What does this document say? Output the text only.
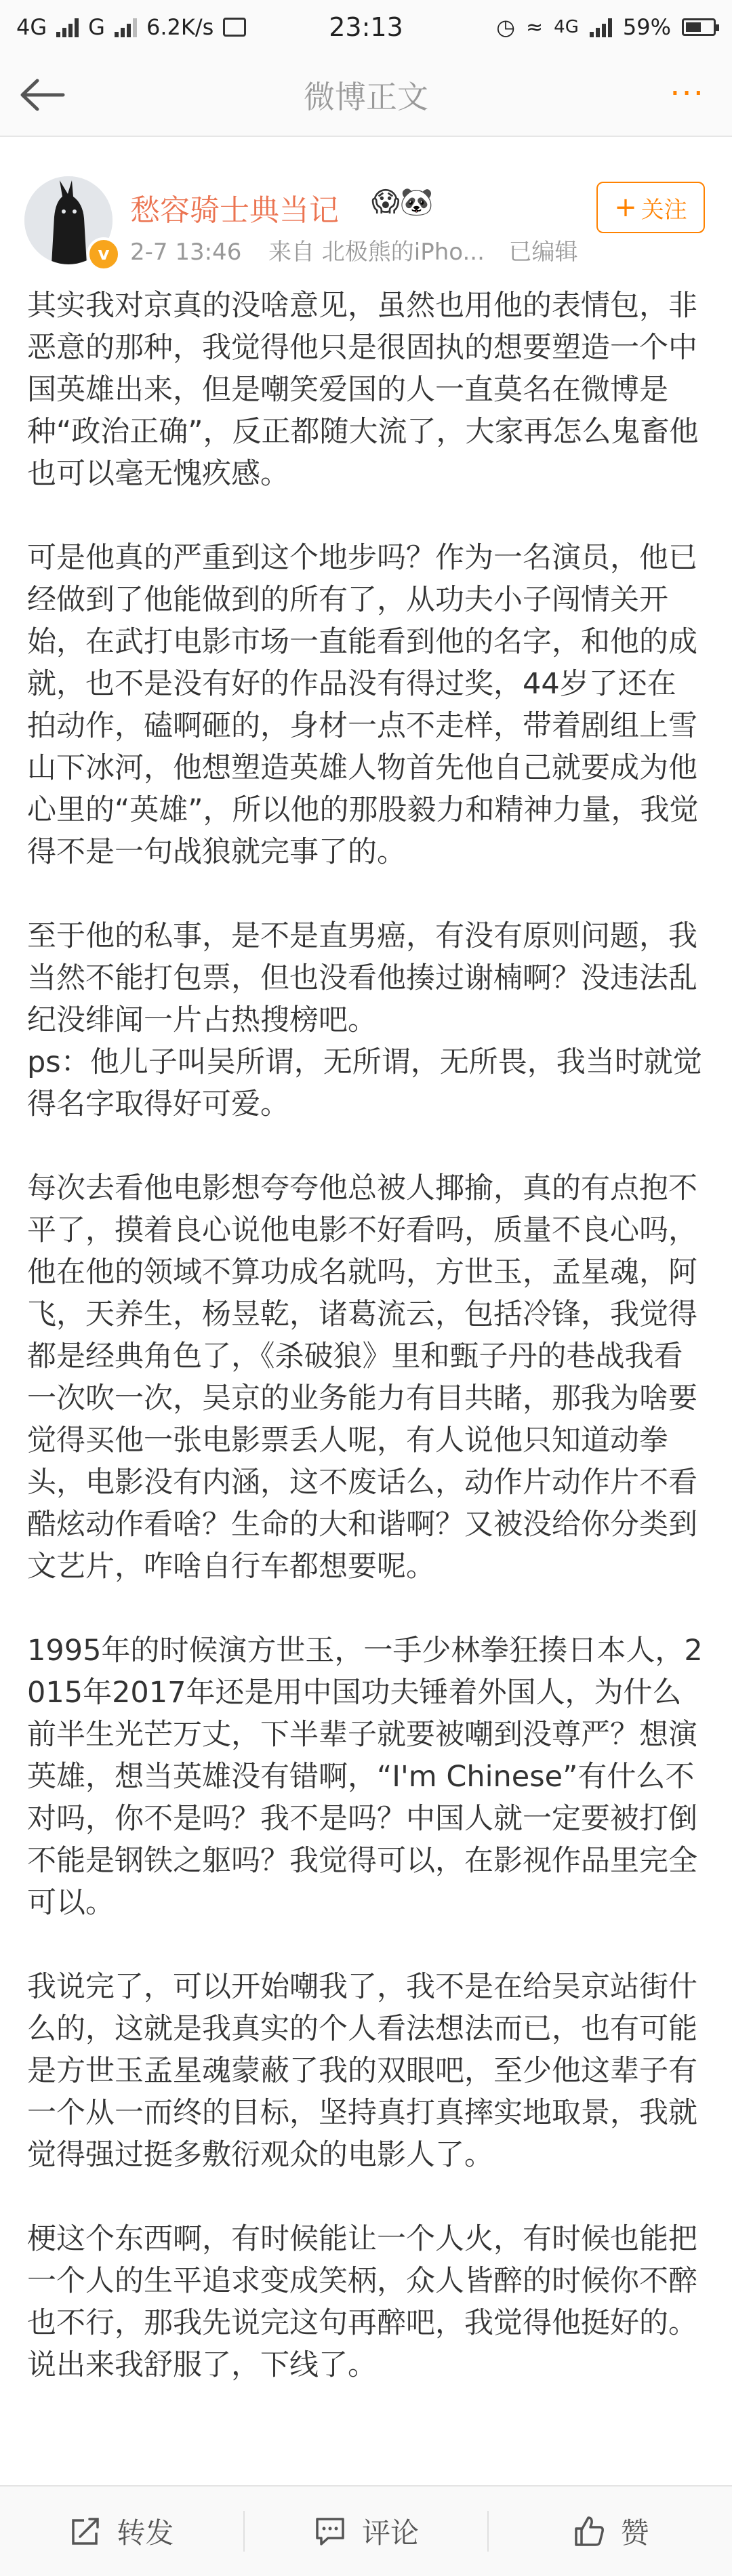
4G G 6.2K/s	23:13	◷ ≈ 4G 59%
微博正文	···
v
愁容骑士典当记 😱🐼
2-7 13:46 来自 北极熊的iPho... 已编辑
+ 关注

其实我对京真的没啥意见，虽然也用他的表情包，非恶意的那种，我觉得他只是很固执的想要塑造一个中国英雄出来，但是嘲笑爱国的人一直莫名在微博是种“政治正确”，反正都随大流了，大家再怎么鬼畜他也可以毫无愧疚感。

可是他真的严重到这个地步吗？作为一名演员，他已经做到了他能做到的所有了，从功夫小子闯情关开始，在武打电影市场一直能看到他的名字，和他的成就，也不是没有好的作品没有得过奖，44岁了还在拍动作，磕啊砸的，身材一点不走样，带着剧组上雪山下冰河，他想塑造英雄人物首先他自己就要成为他心里的“英雄”，所以他的那股毅力和精神力量，我觉得不是一句战狼就完事了的。

至于他的私事，是不是直男癌，有没有原则问题，我当然不能打包票，但也没看他揍过谢楠啊？没违法乱纪没绯闻一片占热搜榜吧。

ps：他儿子叫吴所谓，无所谓，无所畏，我当时就觉得名字取得好可爱。

每次去看他电影想夸夸他总被人揶揄，真的有点抱不平了，摸着良心说他电影不好看吗，质量不良心吗，他在他的领域不算功成名就吗，方世玉，孟星魂，阿飞，天养生，杨昱乾，诸葛流云，包括冷锋，我觉得都是经典角色了，《杀破狼》里和甄子丹的巷战我看一次吹一次，吴京的业务能力有目共睹，那我为啥要觉得买他一张电影票丢人呢，有人说他只知道动拳头，电影没有内涵，这不废话么，动作片动作片不看酷炫动作看啥？生命的大和谐啊？又被没给你分类到文艺片，咋啥自行车都想要呢。

1995年的时候演方世玉，一手少林拳狂揍日本人，2015年2017年还是用中国功夫锤着外国人，为什么前半生光芒万丈，下半辈子就要被嘲到没尊严？想演英雄，想当英雄没有错啊，“I'm Chinese”有什么不对吗，你不是吗？我不是吗？中国人就一定要被打倒不能是钢铁之躯吗？我觉得可以，在影视作品里完全可以。

我说完了，可以开始嘲我了，我不是在给吴京站街什么的，这就是我真实的个人看法想法而已，也有可能是方世玉孟星魂蒙蔽了我的双眼吧，至少他这辈子有一个从一而终的目标，坚持真打真摔实地取景，我就觉得强过挺多敷衍观众的电影人了。

梗这个东西啊，有时候能让一个人火，有时候也能把一个人的生平追求变成笑柄，众人皆醉的时候你不醉也不行，那我先说完这句再醉吧，我觉得他挺好的。

说出来我舒服了，下线了。

转发	评论	赞
